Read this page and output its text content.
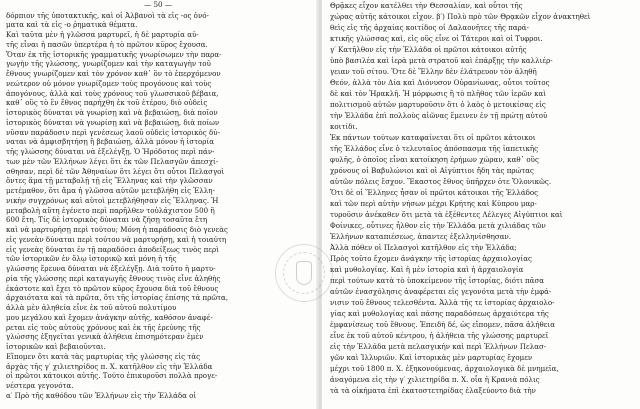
— 50 —
δόρπιον τῆς ὑποτακτικῆς, καὶ οἱ Ἀλβανοὶ τὰ εἰς -ος ὀνό-
ματα καὶ τὰ εἰς -ο ῥηματικὰ θέματα.
Καὶ ταῦτα μὲν ἡ γλῶσσα μαρτυρεῖ, ἡ δὲ μαρτυρία αὐ-
τῆς εἶναι ἡ πασῶν ὑπερτέρα ἡ τὸ πρῶτον κῦρος ἔχουσα.
Ὅταν ἐκ τῆς ἱστορικῆς γραμματικῆς γνωρίσωμεν τὴν παρα-
γωγὴν τῆς γλώσσης, γνωρίζομεν καὶ τὴν καταγωγὴν τοῦ
ἔθνους γνωρίζομεν καὶ τὸν χρόνον καθ᾽ ὃν τὸ ἐπερχόμενον
νεώτερον οὐ μόνον γνωρίζομεν τοὺς προγόνους καὶ τοὺς
ἀπογόνους, ἀλλὰ καὶ τοὺς χρόνους τοῦ γλωσσικοῦ βέβαια,
καθ᾽ οὓς τὸ ἓν ἔθνος παρήχθη ἐκ τοῦ ἑτέρου, διὸ οὐδεὶς
ἱστορικὸς δύναται νὰ γνωρίσῃ καὶ νὰ βεβαιώσῃ, διὰ ποῖον
ἱστορικὸς δύναται νὰ γνωρίσῃ καὶ νὰ βεβαιώσῃ, διὰ ποίων
νῦσαν παράδοσιν περὶ γενέσεως λαοῦ οὐδεὶς ἱστορικὸς δύ-
ναται νὰ ἀμφισβητήσῃ ἢ βεβαιώσῃ, ἀλλὰ μόνον ἡ ἱστορία
τῆς γλώσσης δύναται νὰ ἐξελέγξῃ. Ὁ Ἡρόδοτος περὶ πάν-
των μὲν τῶν Ἑλλήνων λέγει ὅτι ἐκ τῶν Πελασγῶν ἀπεσχί-
σθησαν, περὶ δὲ τῶν Ἀθηναίων ὅτι λέγει ὅτι οὗτοι Πελασγοὶ
ὄντες ἅμα τῇ μεταβολῇ τῇ εἰς Ἕλληνας καὶ τὴν γλῶσσαν
μετέμαθον, ὅτι ἅμα ἡ γλῶσσα αὐτῶν μετεβλήθη εἰς Ἑλλη-
νικὴν συγχρόνως καὶ αὐτοὶ μετεβλήθησαν εἰς Ἕλληνας. Ἡ
μεταβολὴ αὕτη ἐγένετο περὶ παρῆλθεν τοὐλάχιστον 500 ἢ
600 ἔτη. Τίς δὲ ἱστορικὸς δύναται νὰ ζήσῃ τοσαῦτα ἔτη
καὶ νὰ μαρτυρήσῃ περὶ τούτου; Μόνη ἡ παράδοσις διὸ γενεὰς
εἰς γενεὰν δύναται περὶ τούτου νὰ μαρτυρήσῃ, καὶ ἡ τοιαύτη
εἰς γενεὰς δύναται ἐν τῇ παραδόσει ἀποδείξεως τινὸς περὶ
τῶν ἱστορικῶν ἐν ὅλῳ ἱστορικῷ καὶ μόνη ἡ τῆς
γλώσσης ἔρευνα δύναται νὰ ἐξελέγξῃ. Διὰ τοῦτο ἡ μαρτυ-
ρία τῆς γλώσσης περὶ καταγωγῆς ἔθνους τινὸς εἶνε ἀληθὴς
ἐκάστοτε καὶ ἔχει τὸ πρῶτον κῦρος ἔχουσα διὰ τοῦ ἔθνους
ἀρχαιότατα καὶ τὰ πρῶτα, ὅτι τῆς ἱστορίας ἐπίσης τὰ πρῶτα,
ἀλλὰ μὲν ἀληθεία εἶνε ἐκ τοῦ αὐτοῦ πολυτίμου
μου μεγάλου καὶ ἔχομεν ἀνάγκην αὐτῆς, καθόσον ἀναφέ-
ρεται εἰς τοὺς αὐτοὺς χρόνους καὶ ἐκ τῆς ἐρεύνης τῆς
γλώσσης ἐξηγεῖται γενικὰ ἀλήθεια ἐπισημότεραν ἐμὲν
ἱστορικῶν καὶ βεβαιοῦνται.
Εἴπομεν ὅτι κατὰ τὰς μαρτυρίας τῆς γλώσσης εἰς τὰς
ἀρχὰς τῆς γ′ χιλιετηρίδος π. Χ. κατῆλθον εἰς τὴν Ἑλλάδα
οἱ πρῶτοι κάτοικοι αὐτῆς. Τούτο ἐπικυροῦσι πολλὰ προγε-
νέστερα γεγονότα.
α′ Πρὸ τῆς καθόδου τῶν Ἑλλήνων εἰς τὴν Ἑλλάδα οἱ
Θρᾷκες εἶχον κατέλθει τὴν Θεσσαλίαν, καὶ οὗτοι τῆς
χώρας αὐτῆς κάτοικοι εἶχον. β′) Πολὺ πρὸ τῶν Θρᾳκῶν εἶχον ἀνακτηθεὶ
θεὶς εἰς τῆς ἀρχαίας κοιτίδος οἱ Δαλαονῆτες τῆς παρά-
κτικῆς γλώσσας καὶ, εἰς οὓς εἶνε οἱ Τάτεροι καὶ οἱ Τυφροι.
γ′ Κατῆλθον εἰς τὴν Ἑλλάδα οἱ πρῶτοι κάτοικοι αὐτῆς
ὑπὸ βασιλέα καὶ ἱερὰ μετὰ στρατοῦ καὶ ἐπάρξῃς τὴν καλλιέρ-
γειαν τοῦ σίτου. Ὅτε δὲ Ἕλλην δὲν ἐλάτρευον τὸν ἀληθῆ
Θεόν, ἀλλὰ τὸν Δία καὶ Διόνυσον Οὐρανίωνας, οὗτοι τοῦτος
δὲ καὶ τὸν Ἡρακλῆ. Ἡ μόρφωσις ἢ τὸ πλῆθος τῶν ἱερῶν καὶ
πολιτισμοῦ αὐτῶν μαρτυροῦσιν ὅτι ὁ λαὸς ὁ μετοικίσας εἰς
τὴν Ἑλλάδα ἐπὶ πολλοὺς αἰῶνας ἔμεινεν ἐν τῇ πρώτῃ αὐτοῦ
κοιτίδι.
Ἐκ πάντων τούτων καταφαίνεται ὅτι οἱ πρῶτοι κάτοικοι
τῆς Ἑλλάδος εἶνε ὁ τελευταῖος ἀπόσπασμα τῆς ἰαπετικῆς
φυλῆς, ὁ ὁποῖος εἶναι κατοίκηση ἐρήμων χώραν, καθ᾽ οὓς
χρόνους οἱ Βαβυλώνιοι καὶ οἱ Αἰγύπτιοι ἤδη τὰς πρώτας
αὐτῶν πόλεις ἔσχον. Ἕκαστος ἔθνος ὑπῆρχεν ὁτε Ὅλονικῶς.
Ὅτι δὲ οἱ Ἕλληνες ἦσαν οἱ πρῶτοι κάτοικοι τῆς Ἑλλάδος
καὶ τῶν περὶ αὐτὴν νήσων μέχρι Κρήτης καὶ Κύπρου μαρ-
τυροῦσιν ἀνέκαθεν ὅτι μετὰ τὰ ἐξέθεντες Λέλεγες Αἰγύπτιοι καὶ
Φοίνικες, οὗτινες ἦλθον εἰς τὴν Ἑλλάδα μετὰ χιλιάδας τῶν
Ἑλλήνων καταπιέσεως, ἀπαντες ἐξελληνίσθησαν.
Ἀλλὰ πόθεν οἱ Πελασγοὶ κατῆλθον εἰς τὴν Ἑλλάδα;
Πρὸς τοῦτο ἔχομεν ἀνάγκην τῆς ἱστορίας ἀρχαιολογίας
καὶ μυθολογίας. Καὶ ἡ μὲν ἱστορία καὶ ἡ ἀρχαιολογία
περὶ τούτων κατὰ τὸ ὑποκείμενον τῆς ἱστορίας, διότι πᾶσα
αὐτῶν ἐνασχόλησις ἀναφέρεται εἰς γεγονότα μετὰ τὴν ἐμφά-
νισιν τοῦ ἔθνους τελεσθέντα. Ἀλλὰ τῆς τε ἱστορίας ἀρχαιολο-
γίας καὶ μυθολογίας καὶ πάσης παραδόσεως ἀρχαιότερα τῆς
ἐμφανίσεως τοῦ ἔθνους. Ἐπειδὴ δέ, ὡς εἴπομεν, πᾶσα ἀλήθεια
εἶνε ἐκ τοῦ αὐτοῦ κέντρου, ἡ ἀλήθεια τῆς γλώσσης μαρτυρεῖ
εἰς τὴν Ἑλλάδα μετὰ πελασγικὴν καὶ περὶ Ἑλλήνων Πελασ-
γῶν καὶ Ἰλλυριῶν. Καὶ ἱστορικὰς μὲν μαρτυρίας ἔχομεν
μέχρι τοῦ 1800 π. Χ. ἐξηκονούμενας, ἀρχαιολογικὰ δὲ μνημεῖα,
ἀναγόμενα εἰς τὴν γ′ χιλιετηρίδα π. Χ. οἷα ἡ Κρανιὰ πόλις
τὰ τὰ οἰκήματα ἐπὶ ἐκατοστετηρίδας ἐλαξεύοντο διὰ τὴν
